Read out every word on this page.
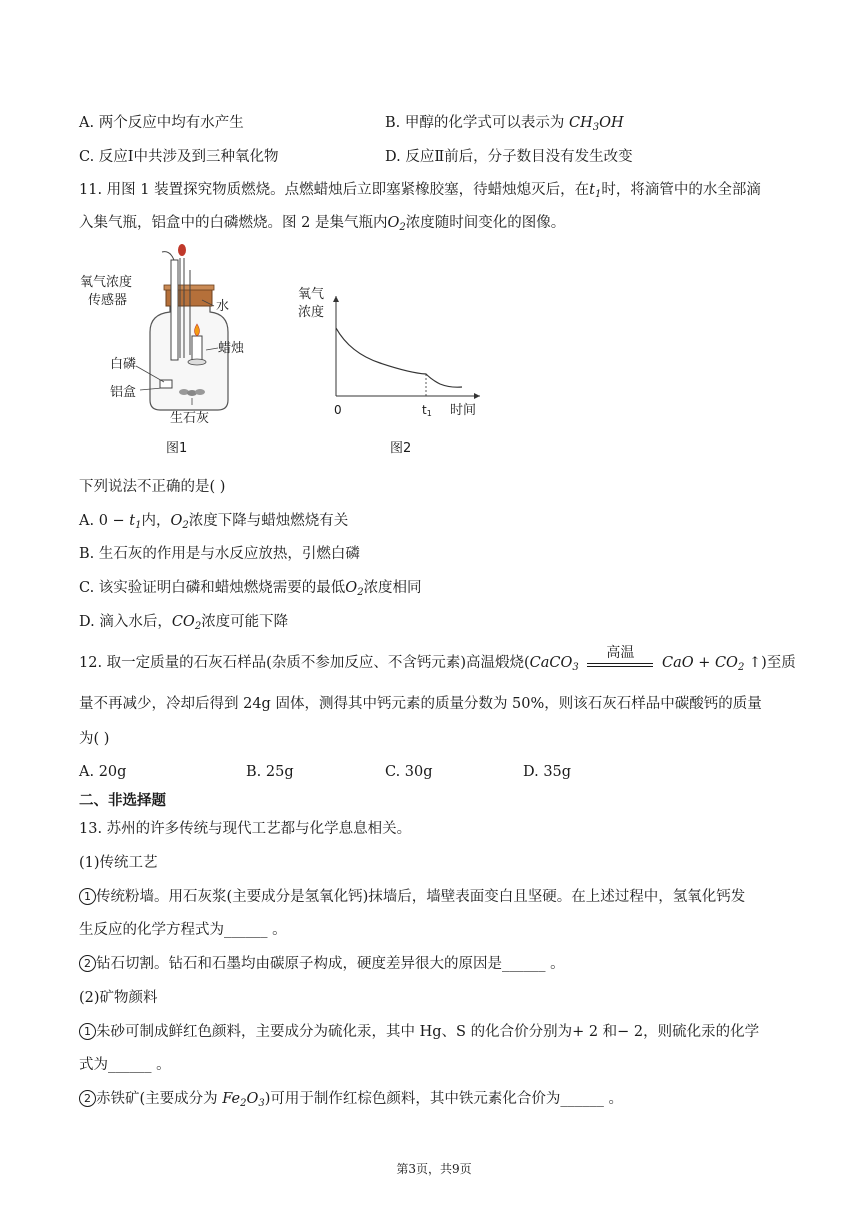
A. 两个反应中均有水产生	B. 甲醇的化学式可以表示为 $CH_3OH$
C. 反应Ⅰ中共涉及到三种氧化物	D. 反应Ⅱ前后，分子数目没有发生改变
11. 用图 1 装置探究物质燃烧。点燃蜡烛后立即塞紧橡胶塞，待蜡烛熄灭后，在$t_1$时，将滴管中的水全部滴
入集气瓶，铝盒中的白磷燃烧。图 2 是集气瓶内$O_2$浓度随时间变化的图像。
氧气浓度
传感器	水
蜡烛
白磷
铝盒
生石灰
图1
氧气
浓度
0	t1 时间
图2
下列说法不正确的是( )
A. $0 - t_1$内，$O_2$浓度下降与蜡烛燃烧有关
B. 生石灰的作用是与水反应放热，引燃白磷
C. 该实验证明白磷和蜡烛燃烧需要的最低$O_2$浓度相同
D. 滴入水后，$CO_2$浓度可能下降
12. 取一定质量的石灰石样品(杂质不参加反应、不含钙元素)高温煅烧(CaCO$_3$
高温
CaO + $CO_2$ ↑)至质
量不再减少，冷却后得到 24g 固体，测得其中钙元素的质量分数为 50%，则该石灰石样品中碳酸钙的质量
为( )
A. 20g	B. 25g	C. 30g	D. 35g
二、非选择题
13. 苏州的许多传统与现代工艺都与化学息息相关。
(1)传统工艺
1 传统粉墙。用石灰浆(主要成分是氢氧化钙)抹墙后，墙壁表面变白且坚硬。在上述过程中，氢氧化钙发
生反应的化学方程式为______ 。
2 钻石切割。钻石和石墨均由碳原子构成，硬度差异很大的原因是______ 。
(2)矿物颜料
1 朱砂可制成鲜红色颜料，主要成分为硫化汞，其中 Hg、S 的化合价分别为+ 2 和− 2，则硫化汞的化学
式为______ 。
2 赤铁矿(主要成分为 $Fe_2O_3$)可用于制作红棕色颜料，其中铁元素化合价为______ 。
第3页，共9页
